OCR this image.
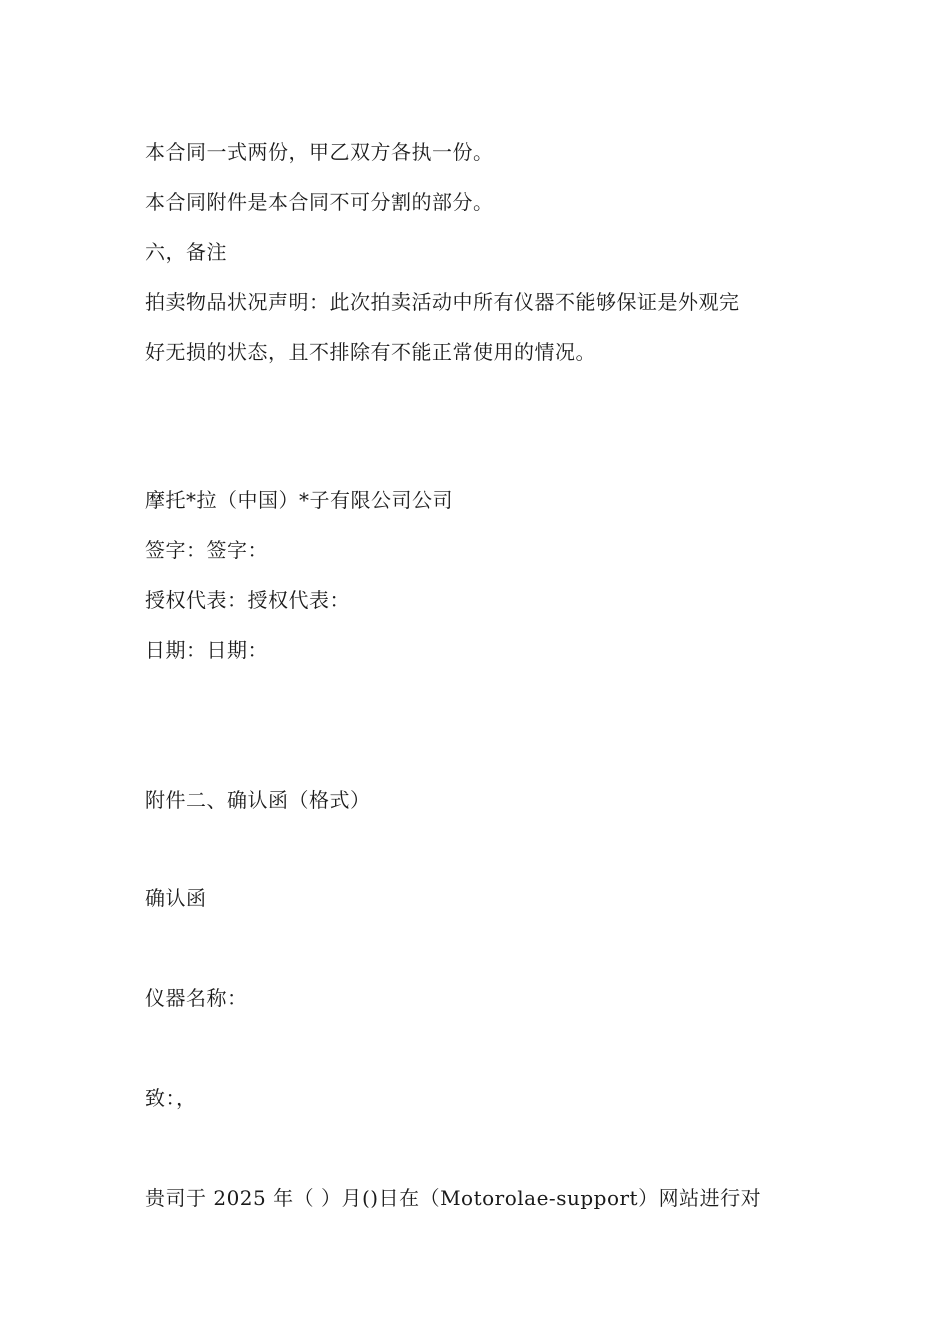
本合同一式两份，甲乙双方各执一份。
本合同附件是本合同不可分割的部分。
六，备注
拍卖物品状况声明：此次拍卖活动中所有仪器不能够保证是外观完
好无损的状态，且不排除有不能正常使用的情况。
摩托*拉（中国）*子有限公司公司
签字：签字：
授权代表：授权代表：
日期：日期：
附件二、确认函（格式）
确认函
仪器名称：
致：，
贵司于 2025 年（ ）月()日在（Motorolae-support）网站进行对
